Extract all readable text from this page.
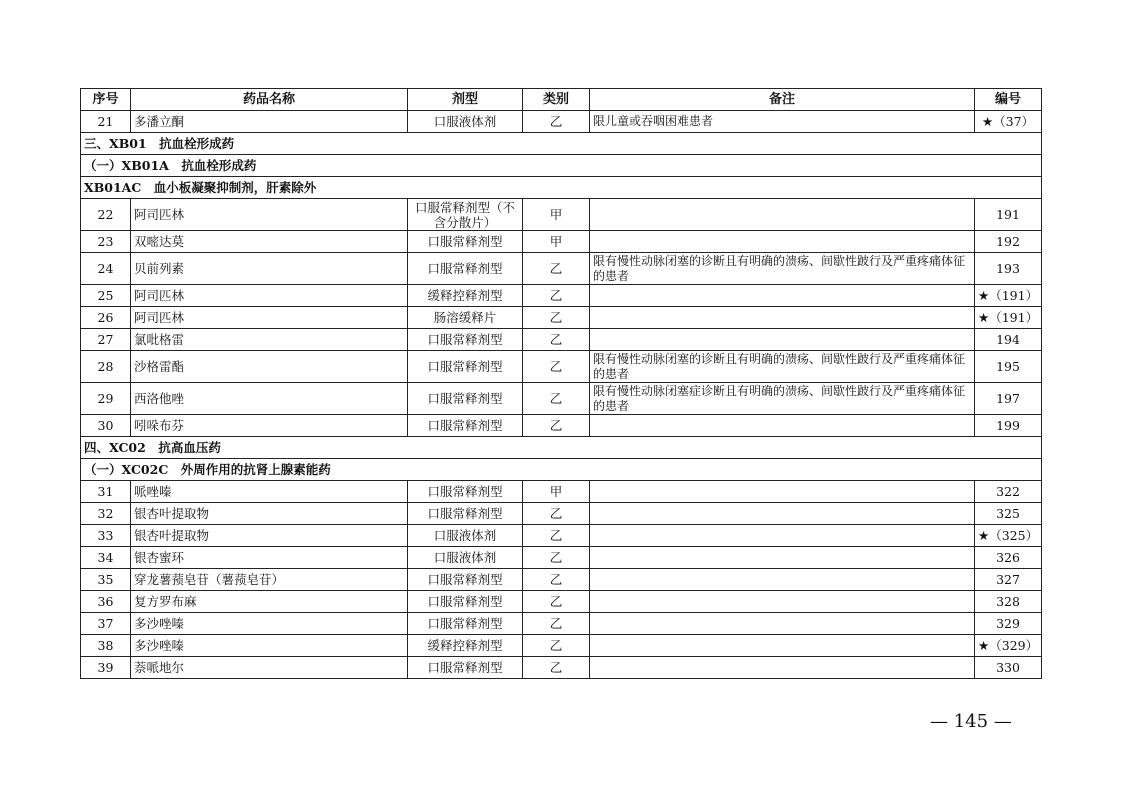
序号	药品名称	剂型	类别	备注	编号
21	多潘立酮	口服液体剂	乙	限儿童或吞咽困难患者	★（37）
三、XB01　抗血栓形成药					
（一）XB01A　抗血栓形成药					
XB01AC　血小板凝聚抑制剂，肝素除外					
22	阿司匹林	口服常释剂型（不含分散片）	甲		191
23	双嘧达莫	口服常释剂型	甲		192
24	贝前列素	口服常释剂型	乙	限有慢性动脉闭塞的诊断且有明确的溃疡、间歇性跛行及严重疼痛体征的患者	193
25	阿司匹林	缓释控释剂型	乙		★（191）
26	阿司匹林	肠溶缓释片	乙		★（191）
27	氯吡格雷	口服常释剂型	乙		194
28	沙格雷酯	口服常释剂型	乙	限有慢性动脉闭塞的诊断且有明确的溃疡、间歇性跛行及严重疼痛体征的患者	195
29	西洛他唑	口服常释剂型	乙	限有慢性动脉闭塞症诊断且有明确的溃疡、间歇性跛行及严重疼痛体征的患者	197
30	吲哚布芬	口服常释剂型	乙		199
四、XC02　抗高血压药					
（一）XC02C　外周作用的抗肾上腺素能药					
31	哌唑嗪	口服常释剂型	甲		322
32	银杏叶提取物	口服常释剂型	乙		325
33	银杏叶提取物	口服液体剂	乙		★（325）
34	银杏蜜环	口服液体剂	乙		326
35	穿龙薯蓣皂苷（薯蓣皂苷）	口服常释剂型	乙		327
36	复方罗布麻	口服常释剂型	乙		328
37	多沙唑嗪	口服常释剂型	乙		329
38	多沙唑嗪	缓释控释剂型	乙		★（329）
39	萘哌地尔	口服常释剂型	乙		330
— 145 —
